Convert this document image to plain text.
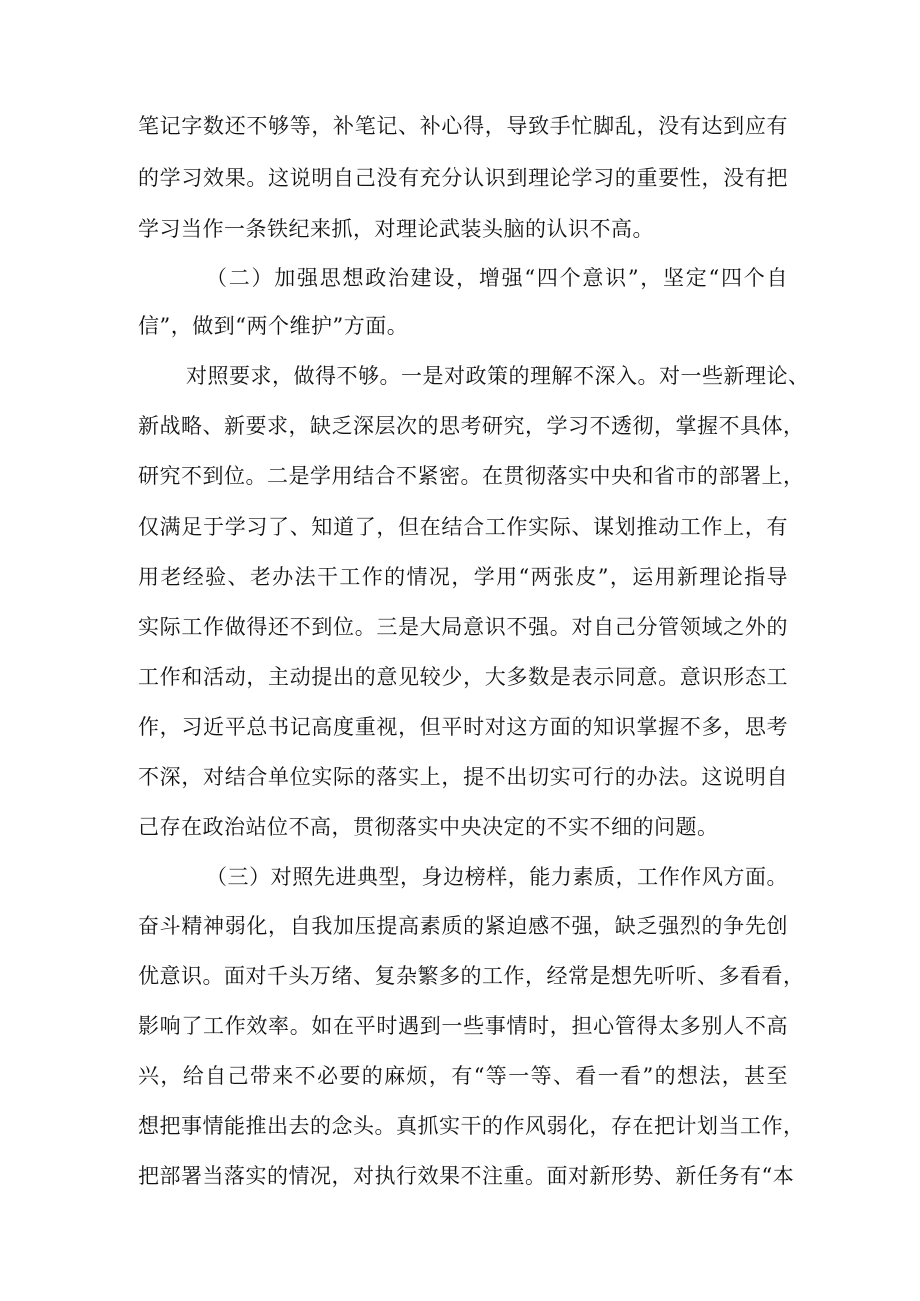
笔记字数还不够等，补笔记、补心得，导致手忙脚乱，没有达到应有
的学习效果。这说明自己没有充分认识到理论学习的重要性，没有把
学习当作一条铁纪来抓，对理论武装头脑的认识不高。
（二）加强思想政治建设，增强“四个意识”，坚定“四个自
信”，做到“两个维护”方面。
对照要求，做得不够。一是对政策的理解不深入。对一些新理论、
新战略、新要求，缺乏深层次的思考研究，学习不透彻，掌握不具体，
研究不到位。二是学用结合不紧密。在贯彻落实中央和省市的部署上，
仅满足于学习了、知道了，但在结合工作实际、谋划推动工作上，有
用老经验、老办法干工作的情况，学用“两张皮”，运用新理论指导
实际工作做得还不到位。三是大局意识不强。对自己分管领域之外的
工作和活动，主动提出的意见较少，大多数是表示同意。意识形态工
作，习近平总书记高度重视，但平时对这方面的知识掌握不多，思考
不深，对结合单位实际的落实上，提不出切实可行的办法。这说明自
己存在政治站位不高，贯彻落实中央决定的不实不细的问题。
（三）对照先进典型，身边榜样，能力素质，工作作风方面。
奋斗精神弱化，自我加压提高素质的紧迫感不强，缺乏强烈的争先创
优意识。面对千头万绪、复杂繁多的工作，经常是想先听听、多看看，
影响了工作效率。如在平时遇到一些事情时，担心管得太多别人不高
兴，给自己带来不必要的麻烦，有“等一等、看一看”的想法，甚至
想把事情能推出去的念头。真抓实干的作风弱化，存在把计划当工作，
把部署当落实的情况，对执行效果不注重。面对新形势、新任务有“本
